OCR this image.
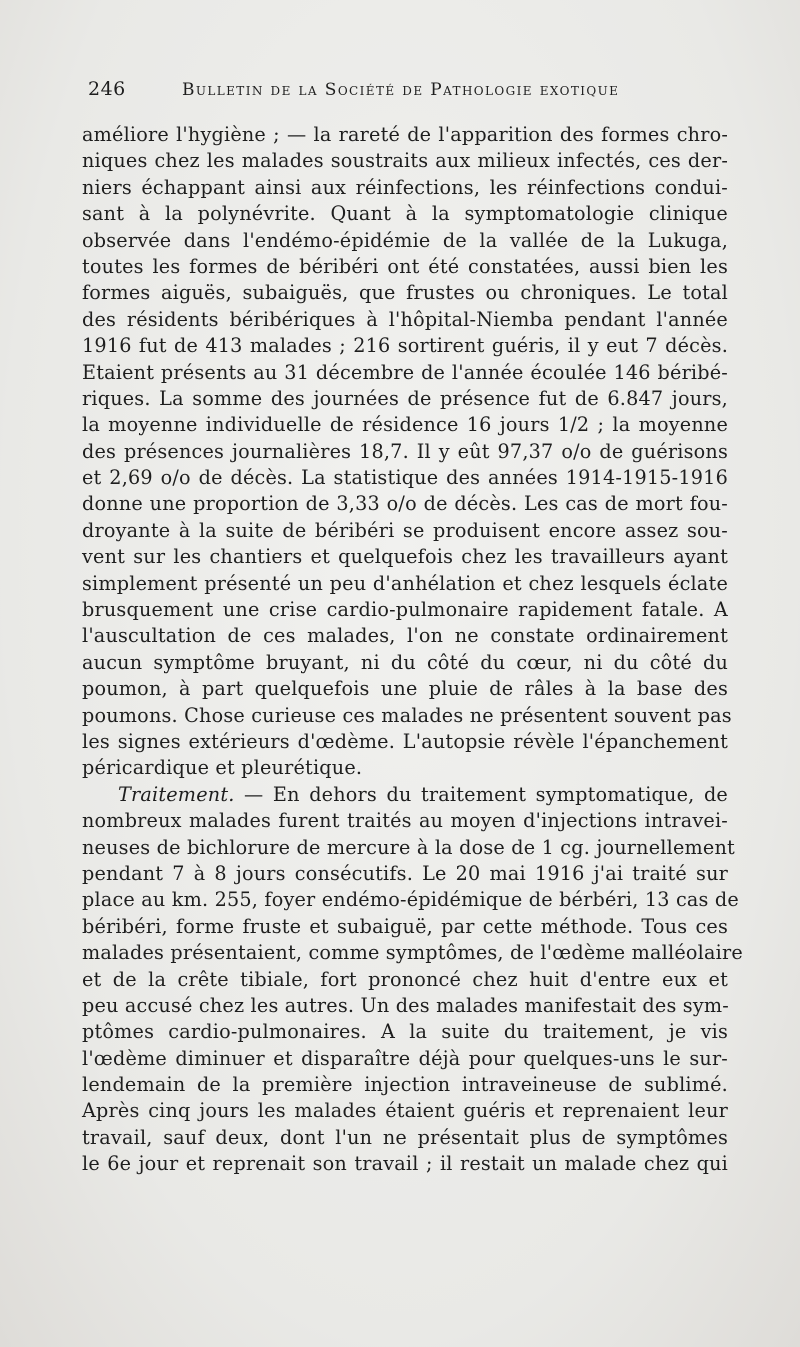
246	Bulletin de la Société de Pathologie exotique
améliore l'hygiène ; — la rareté de l'apparition des formes chro-
niques chez les malades soustraits aux milieux infectés, ces der-
niers échappant ainsi aux réinfections, les réinfections condui-
sant à la polynévrite. Quant à la symptomatologie clinique
observée dans l'endémo-épidémie de la vallée de la Lukuga,
toutes les formes de béribéri ont été constatées, aussi bien les
formes aiguës, subaiguës, que frustes ou chroniques. Le total
des résidents béribériques à l'hôpital-Niemba pendant l'année
1916 fut de 413 malades ; 216 sortirent guéris, il y eut 7 décès.
Etaient présents au 31 décembre de l'année écoulée 146 béribé-
riques. La somme des journées de présence fut de 6.847 jours,
la moyenne individuelle de résidence 16 jours 1/2 ; la moyenne
des présences journalières 18,7. Il y eût 97,37 o/o de guérisons
et 2,69 o/o de décès. La statistique des années 1914-1915-1916
donne une proportion de 3,33 o/o de décès. Les cas de mort fou-
droyante à la suite de béribéri se produisent encore assez sou-
vent sur les chantiers et quelquefois chez les travailleurs ayant
simplement présenté un peu d'anhélation et chez lesquels éclate
brusquement une crise cardio-pulmonaire rapidement fatale. A
l'auscultation de ces malades, l'on ne constate ordinairement
aucun symptôme bruyant, ni du côté du cœur, ni du côté du
poumon, à part quelquefois une pluie de râles à la base des
poumons. Chose curieuse ces malades ne présentent souvent pas
les signes extérieurs d'œdème. L'autopsie révèle l'épanchement
péricardique et pleurétique.
Traitement. — En dehors du traitement symptomatique, de
nombreux malades furent traités au moyen d'injections intravei-
neuses de bichlorure de mercure à la dose de 1 cg. journellement
pendant 7 à 8 jours consécutifs. Le 20 mai 1916 j'ai traité sur
place au km. 255, foyer endémo-épidémique de bérbéri, 13 cas de
béribéri, forme fruste et subaiguë, par cette méthode. Tous ces
malades présentaient, comme symptômes, de l'œdème malléolaire
et de la crête tibiale, fort prononcé chez huit d'entre eux et
peu accusé chez les autres. Un des malades manifestait des sym-
ptômes cardio-pulmonaires. A la suite du traitement, je vis
l'œdème diminuer et disparaître déjà pour quelques-uns le sur-
lendemain de la première injection intraveineuse de sublimé.
Après cinq jours les malades étaient guéris et reprenaient leur
travail, sauf deux, dont l'un ne présentait plus de symptômes
le 6e jour et reprenait son travail ; il restait un malade chez qui
